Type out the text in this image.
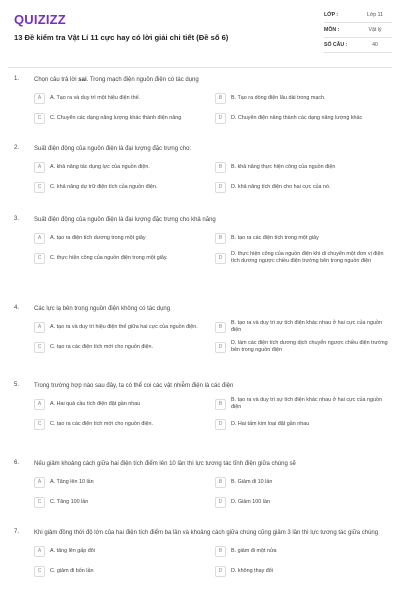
QUIZIZZ
13 Đề kiểm tra Vật Lí 11 cực hay có lời giải chi tiết (Đề số 6)
LỚP :	Lớp 11
MÔN :	Vật lý
SỐ CÂU :	40
1. Chọn câu trả lời sai. Trong mạch điện nguồn điện có tác dụng
A	A. Tạo ra và duy trì một hiệu điện thế.	B	B. Tạo ra dòng điện lâu dài trong mạch.
C	C. Chuyển các dạng năng lượng khác thành điện năng	D	D. Chuyển điện năng thành các dạng năng lượng khác
2. Suất điện động của nguồn điện là đại lượng đặc trưng cho:
A	A. khả năng tác dụng lực của nguồn điện.	B	B. khả năng thực hiện công của nguồn điện
C	C. khả năng dự trữ điện tích của nguồn điện.	D	D. khả năng tích điện cho hai cực của nó.
3. Suất điện động của nguồn điện là đại lượng đặc trưng cho khả năng
A	A. tạo ra điện tích dương trong một giây	B	B. tạo ra các điện tích trong một giây
C	C. thực hiện công của nguồn điện trong một giây.	D
D. thực hiện công của nguồn điện khi di chuyển một đơn vị điện tích dương ngược chiều điện trường bên trong nguồn điện
4. Các lực lạ bên trong nguồn điện không có tác dụng
A	A. tạo ra và duy trì hiệu điện thế giữa hai cực của nguồn điện.	B
B. tạo ra và duy trì sự tích điện khác nhau ở hai cực của nguồn điện
C	C. tạo ra các điện tích mới cho nguồn điện.	D
D. làm các điện tích dương dịch chuyển ngược chiều điện trường bên trong nguồn điện
5. Trong trường hợp nào sau đây, ta có thể coi các vật nhiễm điện là các điện
A	A. Hai quả cầu tích điện đặt gần nhau	B
B. tạo ra và duy trì sự tích điện khác nhau ở hai cực của nguồn điện
C	C. tạo ra các điện tích mới cho nguồn điện.	D	D. Hai tấm kim loại đặt gần nhau
6. Nếu giảm khoảng cách giữa hai điện tích điểm lên 10 lần thì lực tương tác tĩnh điện giữa chúng sẽ
A	A. Tăng lên 10 lần	B	B. Giảm đi 10 lần
C	C. Tăng 100 lần	D	D. Giảm 100 lần
7. Khi giảm đồng thời độ lớn của hai điện tích điểm ba lần và khoảng cách giữa chúng cũng giảm 3 lần thì lực tương tác giữa chúng
A	A. tăng lên gấp đôi	B	B. giảm đi một nửa
C	C. giảm đi bốn lần	D	D. không thay đổi
